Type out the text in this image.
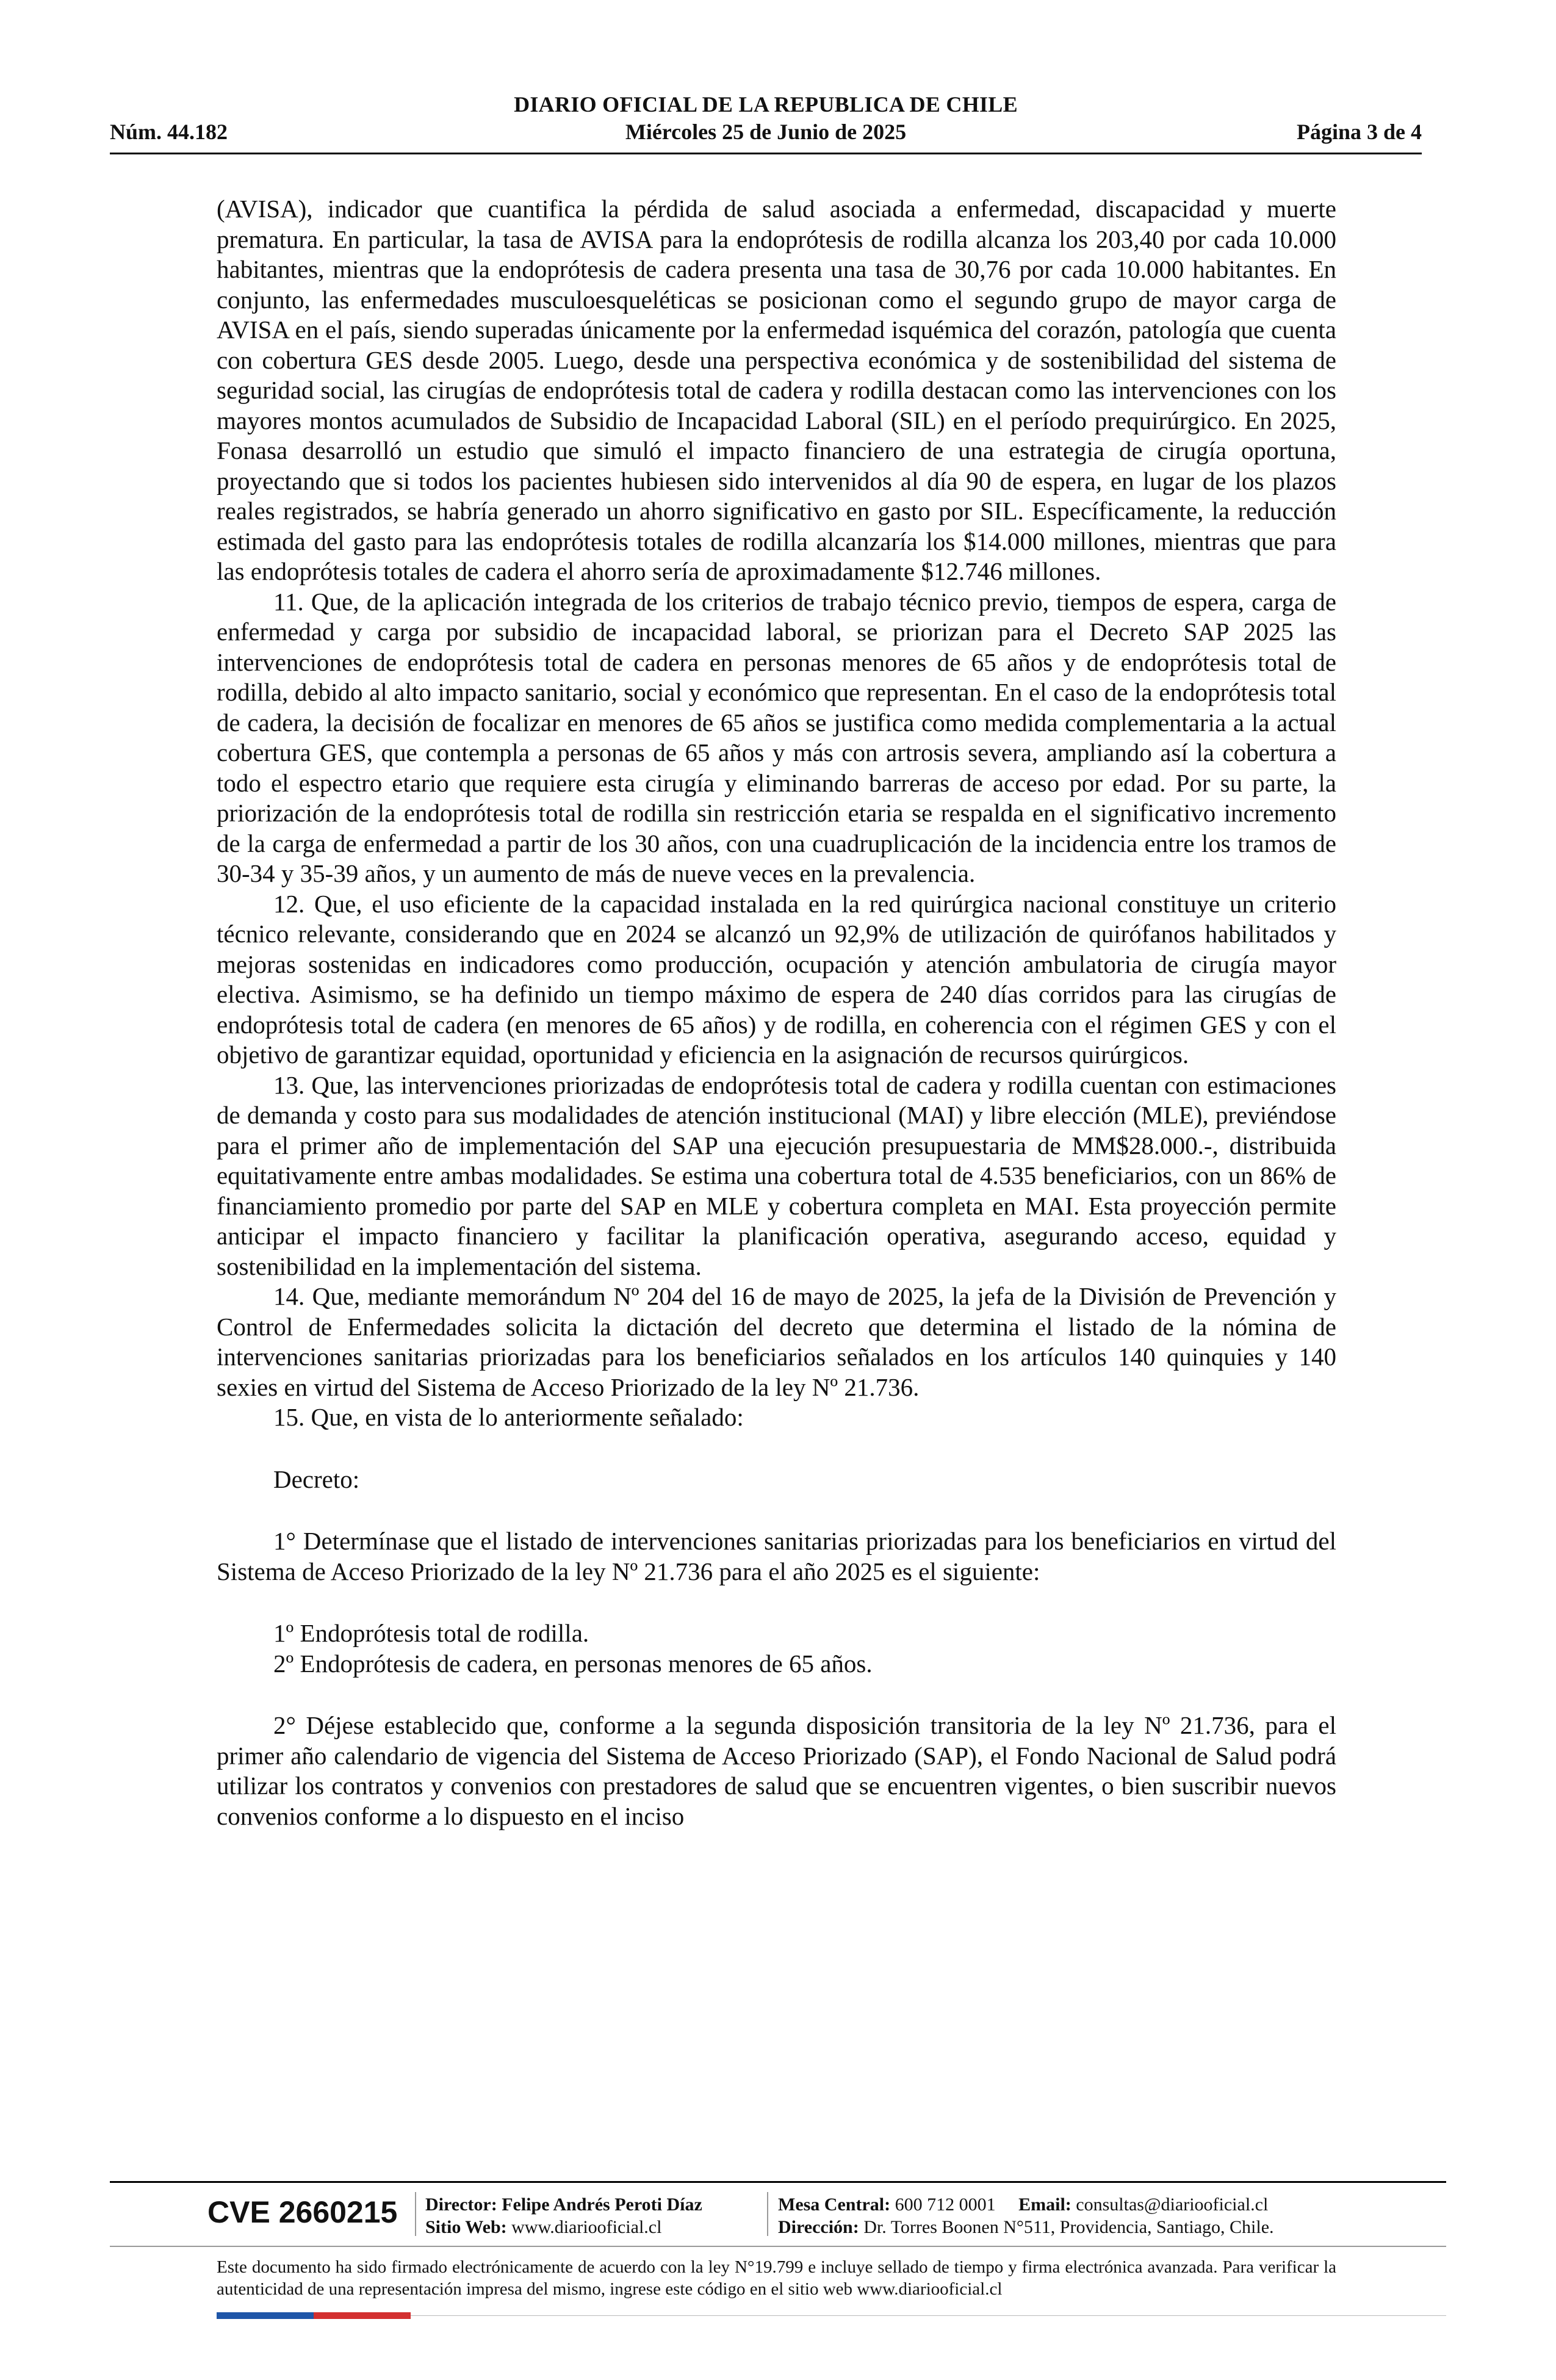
DIARIO OFICIAL DE LA REPUBLICA DE CHILE
Núm. 44.182	Miércoles 25 de Junio de 2025	Página 3 de 4

(AVISA), indicador que cuantifica la pérdida de salud asociada a enfermedad, discapacidad y muerte prematura. En particular, la tasa de AVISA para la endoprótesis de rodilla alcanza los 203,40 por cada 10.000 habitantes, mientras que la endoprótesis de cadera presenta una tasa de 30,76 por cada 10.000 habitantes. En conjunto, las enfermedades musculoesqueléticas se posicionan como el segundo grupo de mayor carga de AVISA en el país, siendo superadas únicamente por la enfermedad isquémica del corazón, patología que cuenta con cobertura GES desde 2005. Luego, desde una perspectiva económica y de sostenibilidad del sistema de seguridad social, las cirugías de endoprótesis total de cadera y rodilla destacan como las intervenciones con los mayores montos acumulados de Subsidio de Incapacidad Laboral (SIL) en el período prequirúrgico. En 2025, Fonasa desarrolló un estudio que simuló el impacto financiero de una estrategia de cirugía oportuna, proyectando que si todos los pacientes hubiesen sido intervenidos al día 90 de espera, en lugar de los plazos reales registrados, se habría generado un ahorro significativo en gasto por SIL. Específicamente, la reducción estimada del gasto para las endoprótesis totales de rodilla alcanzaría los $14.000 millones, mientras que para las endoprótesis totales de cadera el ahorro sería de aproximadamente $12.746 millones.

11. Que, de la aplicación integrada de los criterios de trabajo técnico previo, tiempos de espera, carga de enfermedad y carga por subsidio de incapacidad laboral, se priorizan para el Decreto SAP 2025 las intervenciones de endoprótesis total de cadera en personas menores de 65 años y de endoprótesis total de rodilla, debido al alto impacto sanitario, social y económico que representan. En el caso de la endoprótesis total de cadera, la decisión de focalizar en menores de 65 años se justifica como medida complementaria a la actual cobertura GES, que contempla a personas de 65 años y más con artrosis severa, ampliando así la cobertura a todo el espectro etario que requiere esta cirugía y eliminando barreras de acceso por edad. Por su parte, la priorización de la endoprótesis total de rodilla sin restricción etaria se respalda en el significativo incremento de la carga de enfermedad a partir de los 30 años, con una cuadruplicación de la incidencia entre los tramos de 30-34 y 35-39 años, y un aumento de más de nueve veces en la prevalencia.

12. Que, el uso eficiente de la capacidad instalada en la red quirúrgica nacional constituye un criterio técnico relevante, considerando que en 2024 se alcanzó un 92,9% de utilización de quirófanos habilitados y mejoras sostenidas en indicadores como producción, ocupación y atención ambulatoria de cirugía mayor electiva. Asimismo, se ha definido un tiempo máximo de espera de 240 días corridos para las cirugías de endoprótesis total de cadera (en menores de 65 años) y de rodilla, en coherencia con el régimen GES y con el objetivo de garantizar equidad, oportunidad y eficiencia en la asignación de recursos quirúrgicos.

13. Que, las intervenciones priorizadas de endoprótesis total de cadera y rodilla cuentan con estimaciones de demanda y costo para sus modalidades de atención institucional (MAI) y libre elección (MLE), previéndose para el primer año de implementación del SAP una ejecución presupuestaria de MM$28.000.-, distribuida equitativamente entre ambas modalidades. Se estima una cobertura total de 4.535 beneficiarios, con un 86% de financiamiento promedio por parte del SAP en MLE y cobertura completa en MAI. Esta proyección permite anticipar el impacto financiero y facilitar la planificación operativa, asegurando acceso, equidad y sostenibilidad en la implementación del sistema.

14. Que, mediante memorándum Nº 204 del 16 de mayo de 2025, la jefa de la División de Prevención y Control de Enfermedades solicita la dictación del decreto que determina el listado de la nómina de intervenciones sanitarias priorizadas para los beneficiarios señalados en los artículos 140 quinquies y 140 sexies en virtud del Sistema de Acceso Priorizado de la ley Nº 21.736.

15. Que, en vista de lo anteriormente señalado:

Decreto:

1° Determínase que el listado de intervenciones sanitarias priorizadas para los beneficiarios en virtud del Sistema de Acceso Priorizado de la ley Nº 21.736 para el año 2025 es el siguiente:

1º Endoprótesis total de rodilla.

2º Endoprótesis de cadera, en personas menores de 65 años.

2° Déjese establecido que, conforme a la segunda disposición transitoria de la ley Nº 21.736, para el primer año calendario de vigencia del Sistema de Acceso Priorizado (SAP), el Fondo Nacional de Salud podrá utilizar los contratos y convenios con prestadores de salud que se encuentren vigentes, o bien suscribir nuevos convenios conforme a lo dispuesto en el inciso

CVE 2660215 Director: Felipe Andrés Peroti Díaz
Sitio Web: www.diariooficial.cl
Mesa Central: 600 712 0001 Email: consultas@diariooficial.cl
Dirección: Dr. Torres Boonen N°511, Providencia, Santiago, Chile.
Este documento ha sido firmado electrónicamente de acuerdo con la ley N°19.799 e incluye sellado de tiempo y firma electrónica avanzada. Para verificar la autenticidad de una representación impresa del mismo, ingrese este código en el sitio web www.diariooficial.cl
